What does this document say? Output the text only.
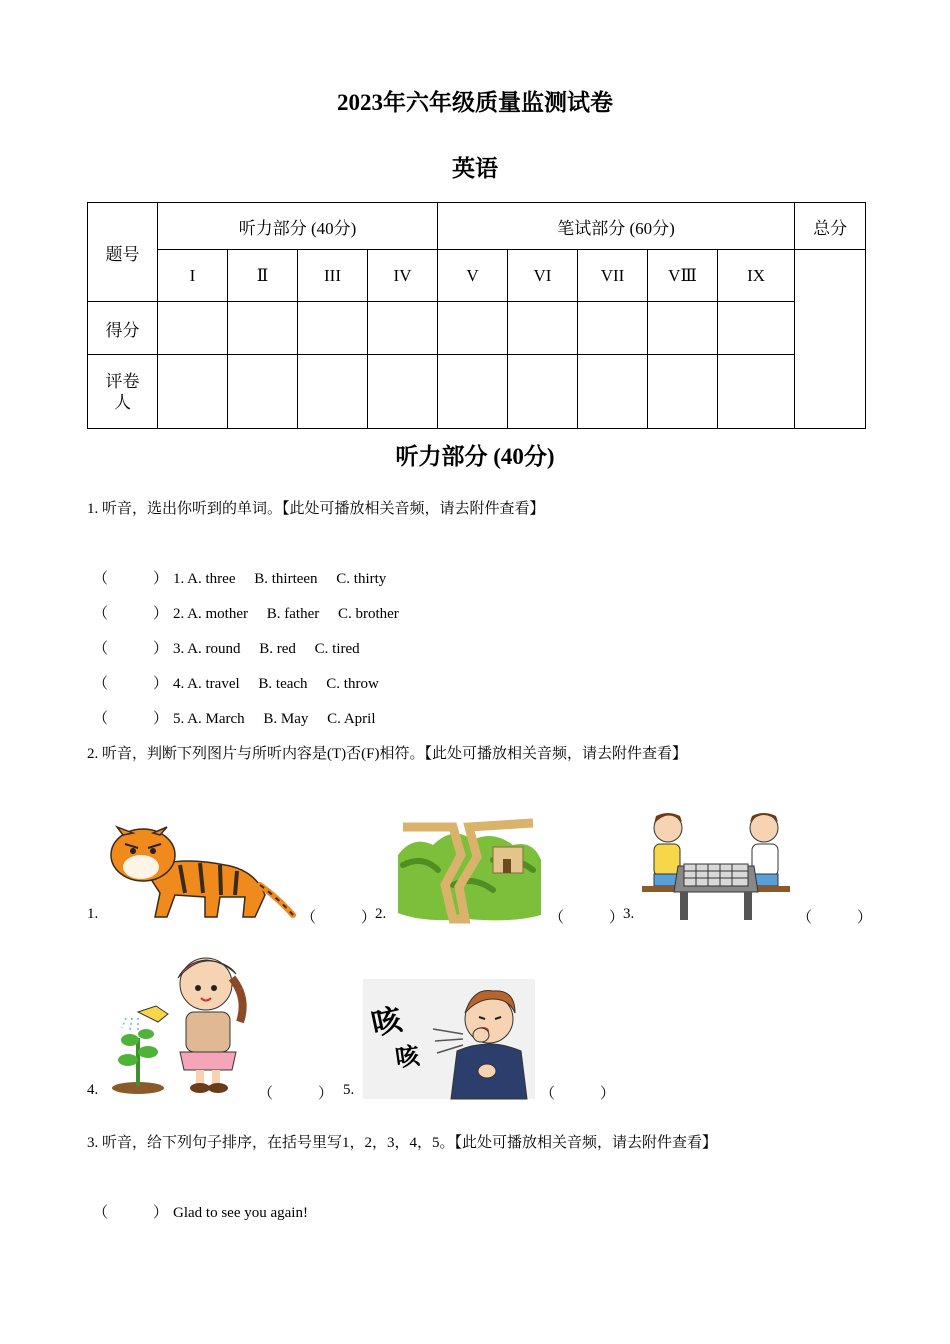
2023年六年级质量监测试卷
英语
题号	听力部分 (40分)				笔试部分 (60分)					总分
	I	Ⅱ	III	IV	V	VI	VII	VⅢ	IX	
得分										

评卷人										

听力部分 (40分)
1. 听音，选出你听到的单词。【此处可播放相关音频，请去附件查看】
（　　　） 1. A. three     B. thirteen     C. thirty
（　　　） 2. A. mother     B. father     C. brother
（　　　） 3. A. round     B. red     C. tired
（　　　） 4. A. travel     B. teach     C. throw
（　　　） 5. A. March     B. May     C. April
2. 听音，判断下列图片与所听内容是(T)否(F)相符。【此处可播放相关音频，请去附件查看】
1.	（　　　）
2.	（　　　）
3.	（　　　）
4.	（　　　） 5.
咳
咳
（　　　）
3. 听音，给下列句子排序，在括号里写1，2，3，4，5。【此处可播放相关音频，请去附件查看】
（　　　） Glad to see you again!
